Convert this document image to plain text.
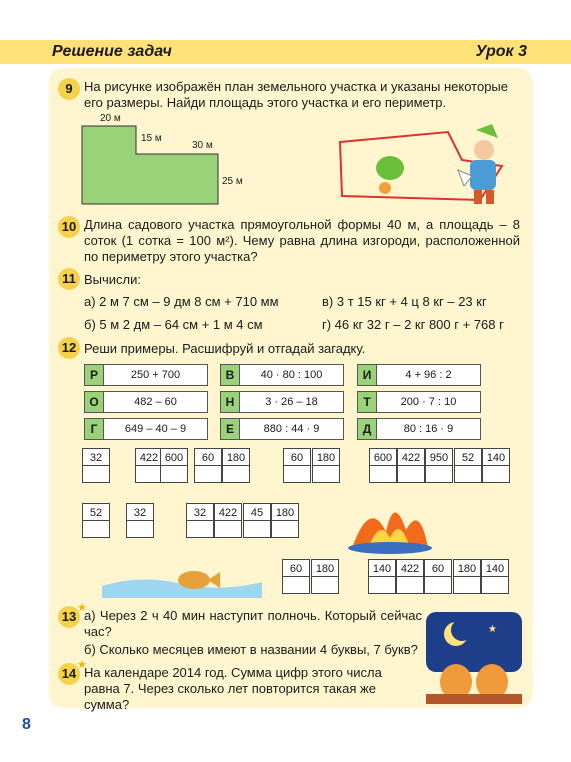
Решение задач	Урок 3
9 На рисунке изображён план земельного участка и указаны некоторые его размеры. Найди площадь этого участка и его периметр.
20 м
15 м
30 м
25 м
10 Длина садового участка прямоугольной формы 40 м, а площадь – 8 соток (1 сотка = 100 м²). Чему равна длина изгороди, расположенной по периметру этого участка?
11 Вычисли:
а) 2 м 7 см – 9 дм 8 см + 710 мм
б) 5 м 2 дм – 64 см + 1 м 4 см
в) 3 т 15 кг + 4 ц 8 кг – 23 кг
г) 46 кг 32 г – 2 кг 800 г + 768 г
12 Реши примеры. Расшифруй и отгадай загадку.
Р	250 + 700	В	40 · 80 : 100	И	4 + 96 : 2
О	482 – 60	Н	3 · 26 – 18	Т	200 · 7 : 10
Г	649 – 40 – 9	Е	880 : 44 · 9	Д	80 : 16 · 9
32	422 600	60	180	60	180	600 422 950	52	140
52	32	32	422	45	180
60	180	140 422	60	180 140
13
★
а) Через 2 ч 40 мин наступит полночь. Который сейчас час?
б) Сколько месяцев имеют в названии 4 буквы, 7 букв?
14
★
На календаре 2014 год. Сумма цифр этого числа равна 7. Через сколько лет повторится такая же сумма?
★
8
